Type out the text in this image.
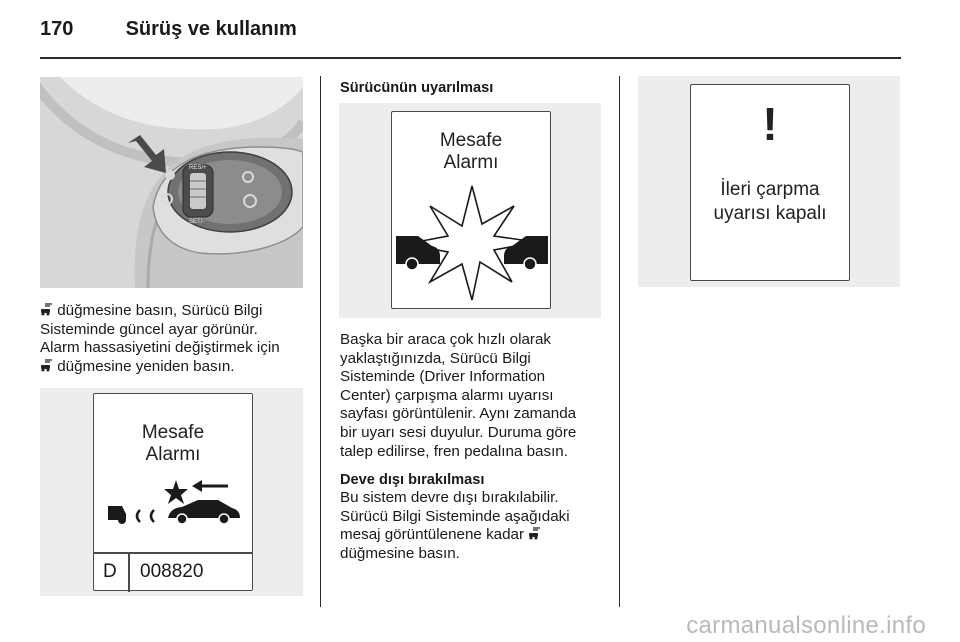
170	Sürüş ve kullanım
RES/+
SET/-
düğmesine basın, Sürücü Bilgi
Sisteminde güncel ayar görünür.
Alarm hassasiyetini değiştirmek için
düğmesine yeniden basın.
Mesafe
Alarmı
D 008820
Sürücünün uyarılması
Mesafe
Alarmı
Başka bir araca çok hızlı olarak
yaklaştığınızda, Sürücü Bilgi
Sisteminde (Driver Information
Center) çarpışma alarmı uyarısı
sayfası görüntülenir. Aynı zamanda
bir uyarı sesi duyulur. Duruma göre
talep edilirse, fren pedalına basın.
Deve dışı bırakılması
Bu sistem devre dışı bırakılabilir.
Sürücü Bilgi Sisteminde aşağıdaki
mesaj görüntülenene kadar
düğmesine basın.
!
İleri çarpma
uyarısı kapalı
carmanualsonline.info
